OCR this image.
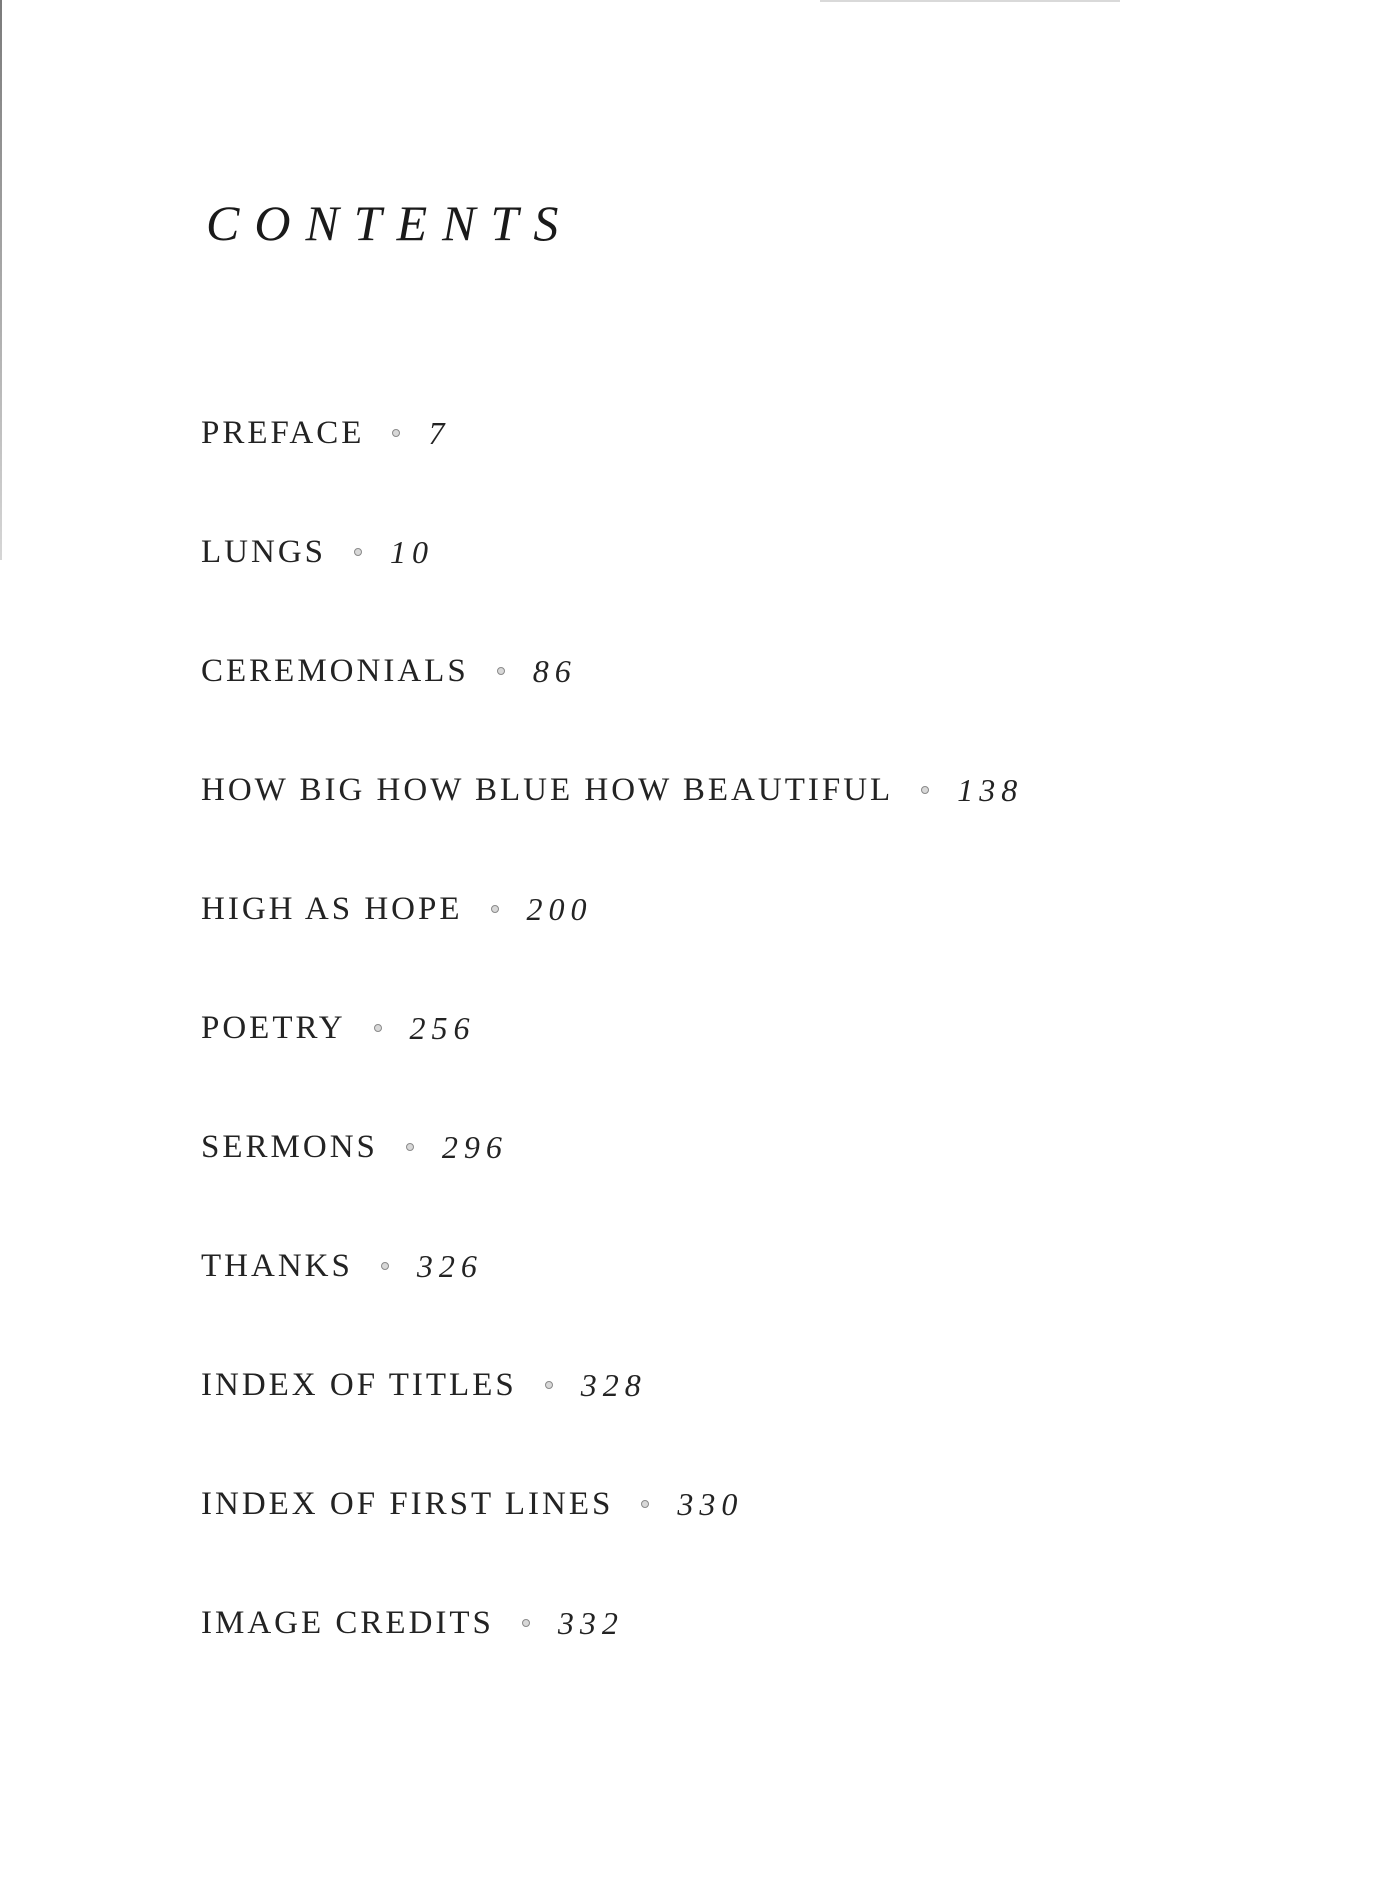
CONTENTS
PREFACE 7
LUNGS 10
CEREMONIALS 86
HOW BIG HOW BLUE HOW BEAUTIFUL 138
HIGH AS HOPE 200
POETRY 256
SERMONS 296
THANKS 326
INDEX OF TITLES 328
INDEX OF FIRST LINES 330
IMAGE CREDITS 332
